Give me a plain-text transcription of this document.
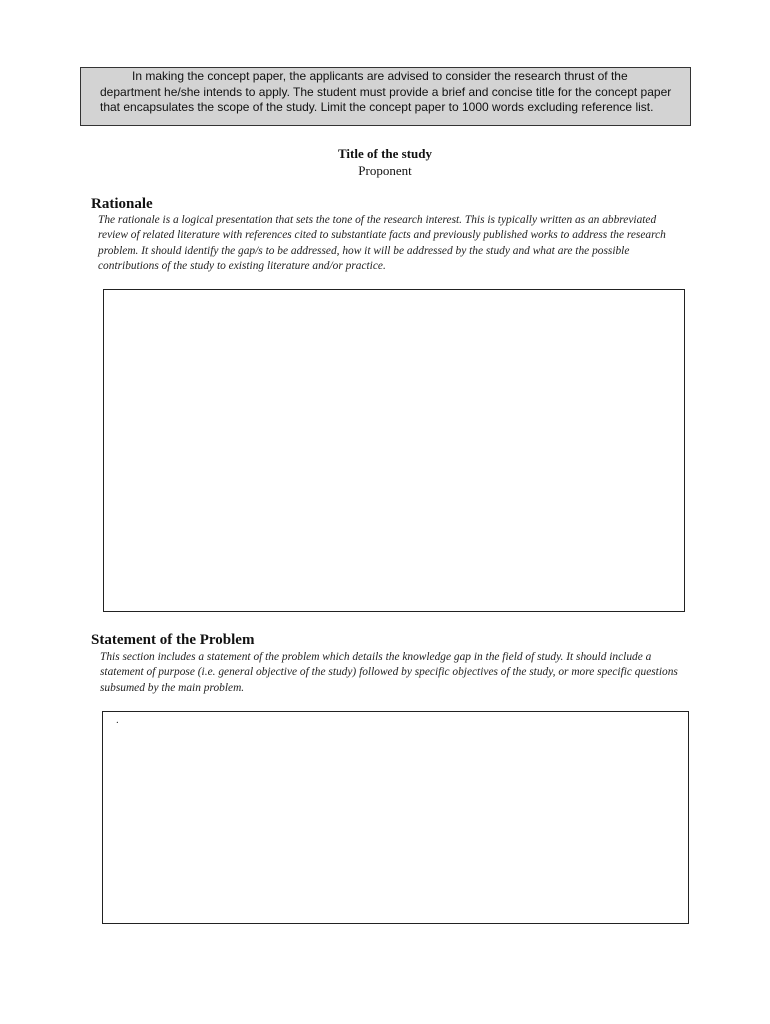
In making the concept paper, the applicants are advised to consider the research thrust of the department he/she intends to apply. The student must provide a brief and concise title for the concept paper that encapsulates the scope of the study. Limit the concept paper to 1000 words excluding reference list.

Title of the study
Proponent
Rationale

The rationale is a logical presentation that sets the tone of the research interest. This is typically written as an abbreviated review of related literature with references cited to substantiate facts and previously published works to address the research problem. It should identify the gap/s to be addressed, how it will be addressed by the study and what are the possible contributions of the study to existing literature and/or practice.

Statement of the Problem

This section includes a statement of the problem which details the knowledge gap in the field of study. It should include a statement of purpose (i.e. general objective of the study) followed by specific objectives of the study, or more specific questions subsumed by the main problem.

.
